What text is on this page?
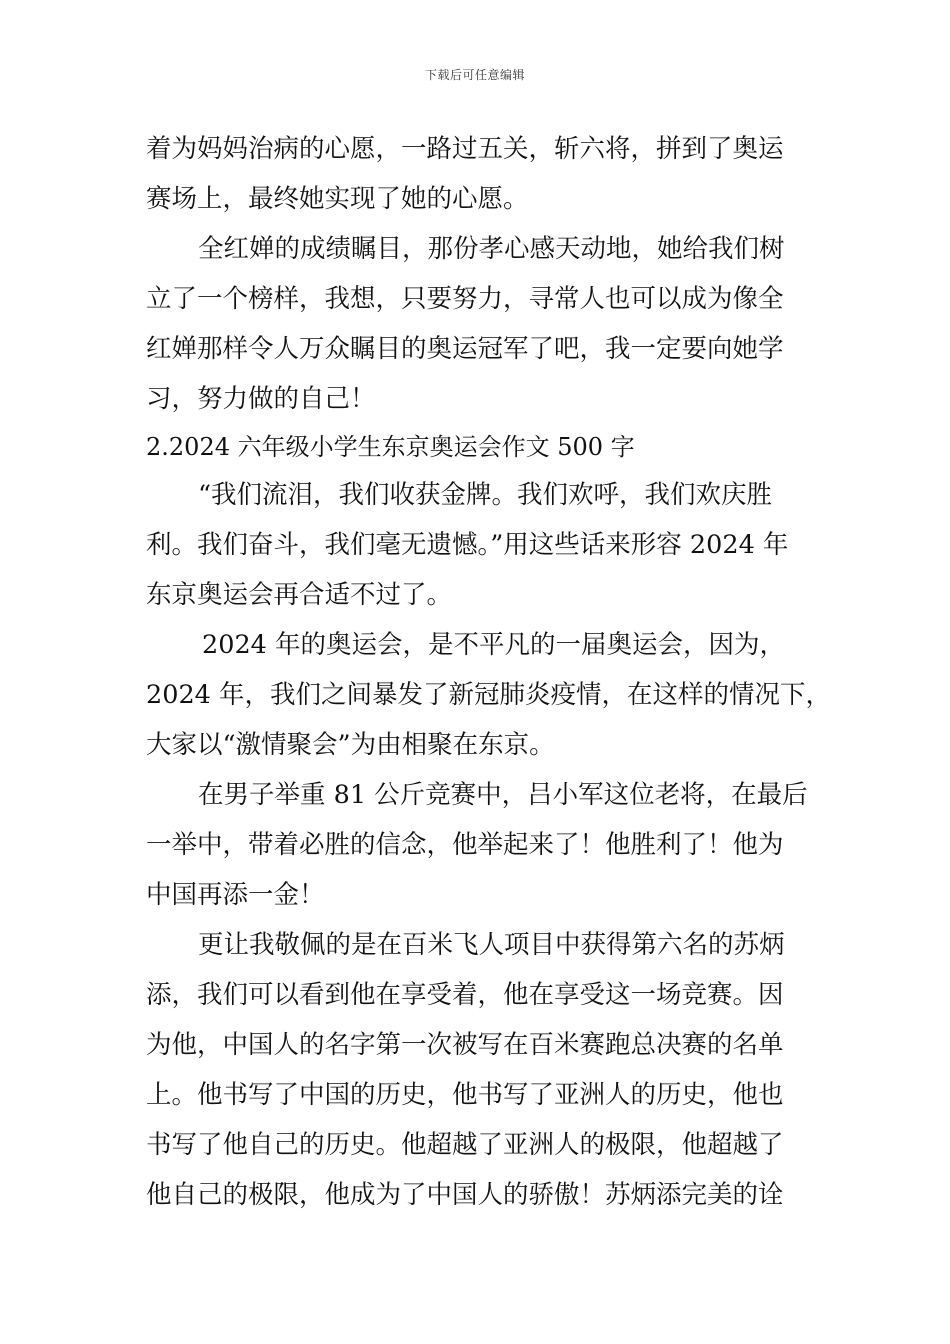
下载后可任意编辑
着为妈妈治病的心愿，一路过五关，斩六将，拼到了奥运
赛场上，最终她实现了她的心愿。
全红婵的成绩瞩目，那份孝心感天动地，她给我们树
立了一个榜样，我想，只要努力，寻常人也可以成为像全
红婵那样令人万众瞩目的奥运冠军了吧，我一定要向她学
习，努力做的自己！
2.2024 六年级小学生东京奥运会作文 500 字
“我们流泪，我们收获金牌。我们欢呼，我们欢庆胜
利。我们奋斗，我们毫无遗憾。”用这些话来形容 2024 年
东京奥运会再合适不过了。
2024 年的奥运会，是不平凡的一届奥运会，因为，
2024 年，我们之间暴发了新冠肺炎疫情，在这样的情况下，
大家以“激情聚会”为由相聚在东京。
在男子举重 81 公斤竞赛中，吕小军这位老将，在最后
一举中，带着必胜的信念，他举起来了！他胜利了！他为
中国再添一金！
更让我敬佩的是在百米飞人项目中获得第六名的苏炳
添，我们可以看到他在享受着，他在享受这一场竞赛。因
为他，中国人的名字第一次被写在百米赛跑总决赛的名单
上。他书写了中国的历史，他书写了亚洲人的历史，他也
书写了他自己的历史。他超越了亚洲人的极限，他超越了
他自己的极限，他成为了中国人的骄傲！苏炳添完美的诠
